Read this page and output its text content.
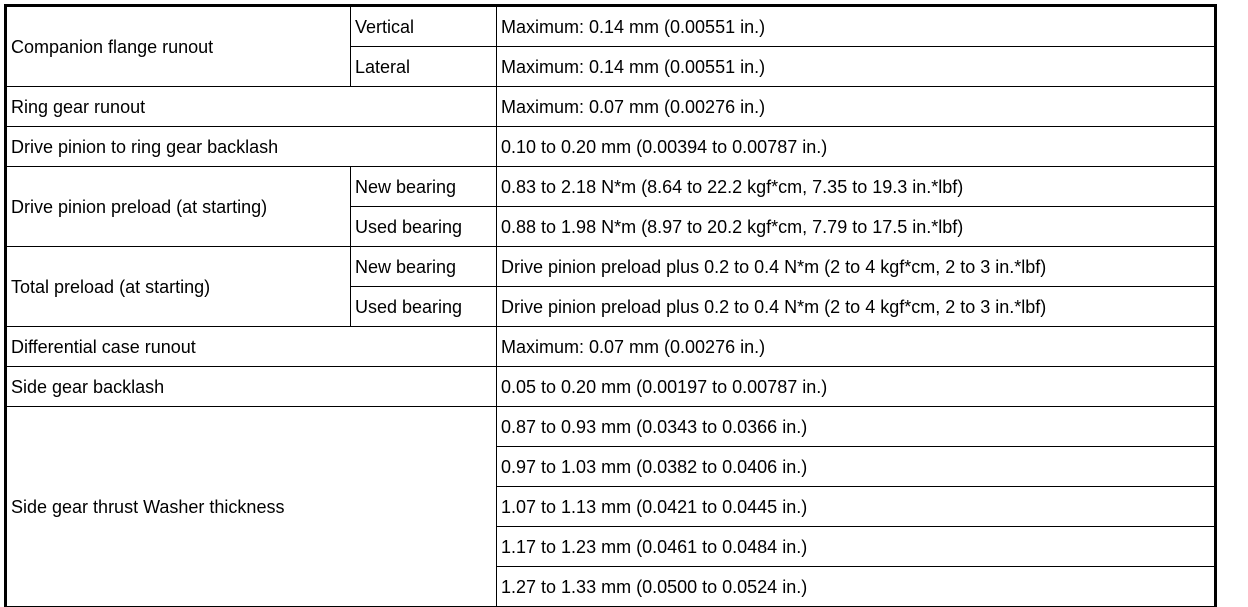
Companion flange runout	Vertical	Maximum: 0.14 mm (0.00551 in.)
	Lateral	Maximum: 0.14 mm (0.00551 in.)
Ring gear runout		Maximum: 0.07 mm (0.00276 in.)
Drive pinion to ring gear backlash		0.10 to 0.20 mm (0.00394 to 0.00787 in.)
Drive pinion preload (at starting)	New bearing	0.83 to 2.18 N*m (8.64 to 22.2 kgf*cm, 7.35 to 19.3 in.*lbf)
	Used bearing	0.88 to 1.98 N*m (8.97 to 20.2 kgf*cm, 7.79 to 17.5 in.*lbf)
Total preload (at starting)	New bearing	Drive pinion preload plus 0.2 to 0.4 N*m (2 to 4 kgf*cm, 2 to 3 in.*lbf)
	Used bearing	Drive pinion preload plus 0.2 to 0.4 N*m (2 to 4 kgf*cm, 2 to 3 in.*lbf)
Differential case runout		Maximum: 0.07 mm (0.00276 in.)
Side gear backlash		0.05 to 0.20 mm (0.00197 to 0.00787 in.)
Side gear thrust Washer thickness		0.87 to 0.93 mm (0.0343 to 0.0366 in.)
		0.97 to 1.03 mm (0.0382 to 0.0406 in.)
		1.07 to 1.13 mm (0.0421 to 0.0445 in.)
		1.17 to 1.23 mm (0.0461 to 0.0484 in.)
		1.27 to 1.33 mm (0.0500 to 0.0524 in.)
